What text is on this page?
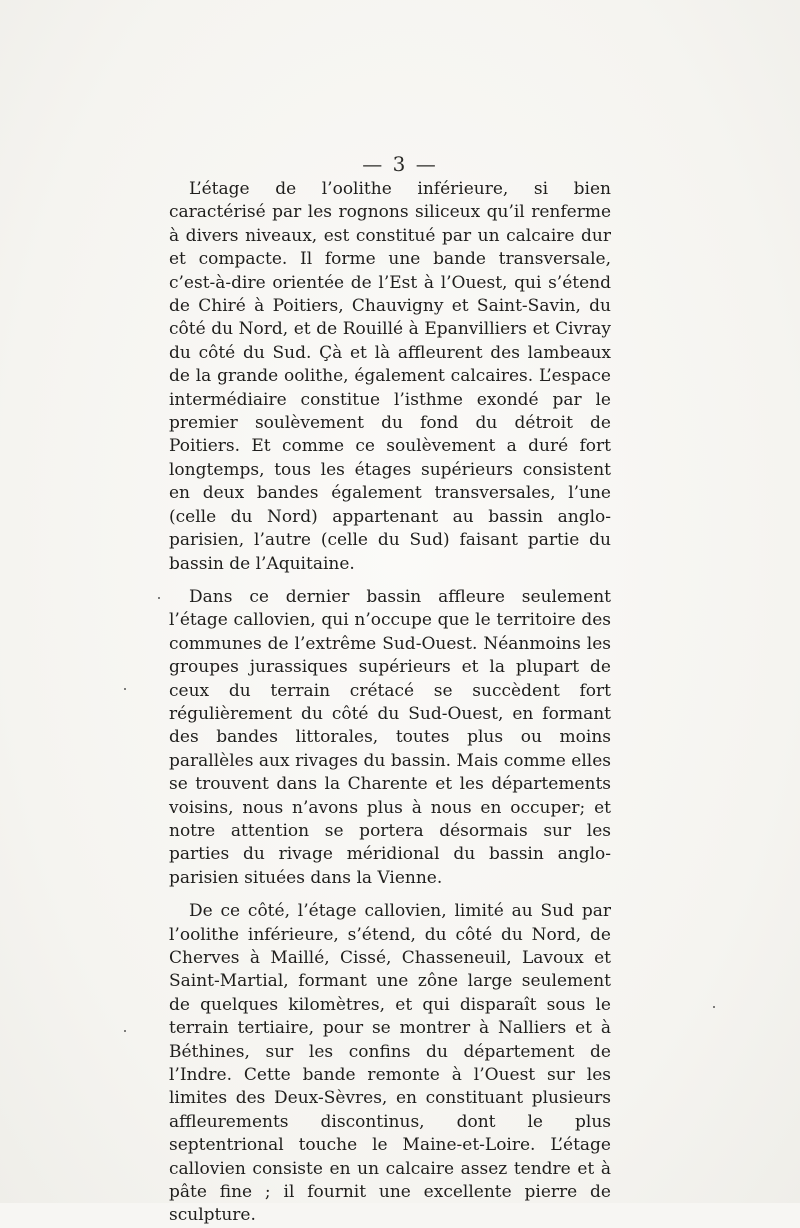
— 3 —

L’étage de l’oolithe inférieure, si bien caractérisé par les rognons siliceux qu’il renferme à divers niveaux, est constitué par un calcaire dur et compacte. Il forme une bande transversale, c’est-à-dire orientée de l’Est à l’Ouest, qui s’étend de Chiré à Poitiers, Chauvigny et Saint-Savin, du côté du Nord, et de Rouillé à Epanvilliers et Civray du côté du Sud. Çà et là affleurent des lambeaux de la grande oolithe, également calcaires. L’espace intermédiaire constitue l’isthme exondé par le premier soulèvement du fond du détroit de Poitiers. Et comme ce soulèvement a duré fort longtemps, tous les étages supérieurs consistent en deux bandes également transversales, l’une (celle du Nord) appartenant au bassin anglo-parisien, l’autre (celle du Sud) faisant partie du bassin de l’Aquitaine.

Dans ce dernier bassin affleure seulement l’étage callovien, qui n’occupe que le territoire des communes de l’extrême Sud-Ouest. Néanmoins les groupes jurassiques supérieurs et la plupart de ceux du terrain crétacé se succèdent fort régulièrement du côté du Sud-Ouest, en formant des bandes littorales, toutes plus ou moins parallèles aux rivages du bassin. Mais comme elles se trouvent dans la Charente et les départements voisins, nous n’avons plus à nous en occuper; et notre attention se portera désormais sur les parties du rivage méridional du bassin anglo-parisien situées dans la Vienne.

De ce côté, l’étage callovien, limité au Sud par l’oolithe inférieure, s’étend, du côté du Nord, de Cherves à Maillé, Cissé, Chasseneuil, Lavoux et Saint-Martial, formant une zône large seulement de quelques kilomètres, et qui disparaît sous le terrain tertiaire, pour se montrer à Nalliers et à Béthines, sur les confins du département de l’Indre. Cette bande remonte à l’Ouest sur les limites des Deux-Sèvres, en constituant plusieurs affleurements discontinus, dont le plus septentrional touche le Maine-et-Loire. L’étage callovien consiste en un calcaire assez tendre et à pâte fine ; il fournit une excellente pierre de sculpture.
